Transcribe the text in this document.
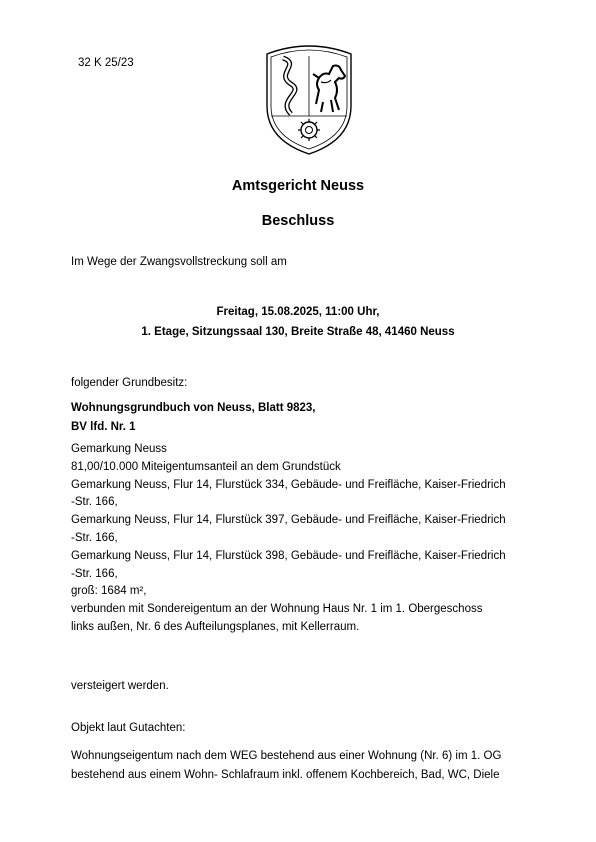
32 K 25/23
Amtsgericht Neuss
Beschluss
Im Wege der Zwangsvollstreckung soll am
Freitag, 15.08.2025, 11:00 Uhr,
1. Etage, Sitzungssaal 130, Breite Straße 48, 41460 Neuss
folgender Grundbesitz:
Wohnungsgrundbuch von Neuss, Blatt 9823,
BV lfd. Nr. 1
Gemarkung Neuss
81,00/10.000 Miteigentumsanteil an dem Grundstück
Gemarkung Neuss, Flur 14, Flurstück 334, Gebäude- und Freifläche, Kaiser-Friedrich
-Str. 166,
Gemarkung Neuss, Flur 14, Flurstück 397, Gebäude- und Freifläche, Kaiser-Friedrich
-Str. 166,
Gemarkung Neuss, Flur 14, Flurstück 398, Gebäude- und Freifläche, Kaiser-Friedrich
-Str. 166,
groß: 1684 m²,
verbunden mit Sondereigentum an der Wohnung Haus Nr. 1 im 1. Obergeschoss
links außen, Nr. 6 des Aufteilungsplanes, mit Kellerraum.
versteigert werden.
Objekt laut Gutachten:
Wohnungseigentum nach dem WEG bestehend aus einer Wohnung (Nr. 6) im 1. OG
bestehend aus einem Wohn- Schlafraum inkl. offenem Kochbereich, Bad, WC, Diele
